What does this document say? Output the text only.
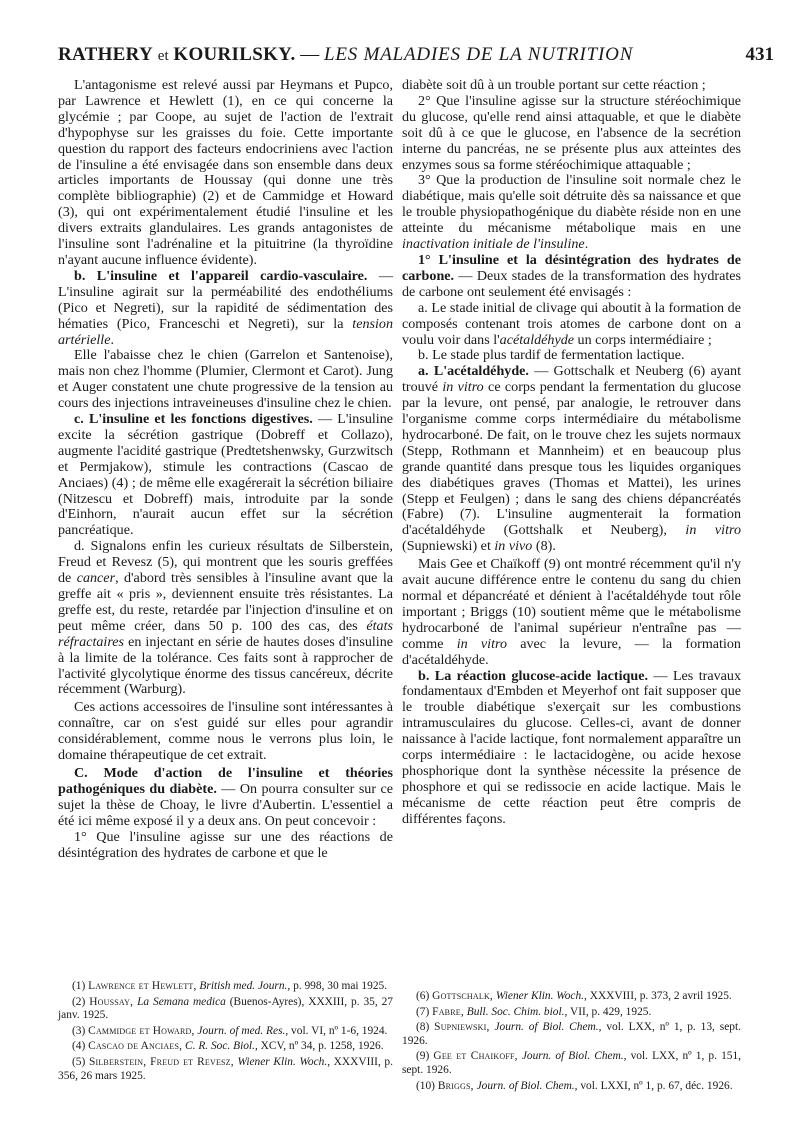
RATHERY et KOURILSKY. — LES MALADIES DE LA NUTRITION	431

L'antagonisme est relevé aussi par Heymans et Pupco, par Lawrence et Hewlett (1), en ce qui concerne la glycémie ; par Coope, au sujet de l'action de l'extrait d'hypophyse sur les graisses du foie. Cette importante question du rapport des facteurs endocriniens avec l'action de l'insuline a été envisagée dans son ensemble dans deux articles importants de Houssay (qui donne une très complète bibliographie) (2) et de Cammidge et Howard (3), qui ont expérimentalement étudié l'insuline et les divers extraits glandulaires. Les grands antagonistes de l'insuline sont l'adrénaline et la pituitrine (la thyroïdine n'ayant aucune influence évidente).

b. L'insuline et l'appareil cardio-vasculaire. — L'insuline agirait sur la perméabilité des endothéliums (Pico et Negreti), sur la rapidité de sédimentation des hématies (Pico, Franceschi et Negreti), sur la tension artérielle.

Elle l'abaisse chez le chien (Garrelon et Santenoise), mais non chez l'homme (Plumier, Clermont et Carot). Jung et Auger constatent une chute progressive de la tension au cours des injections intraveineuses d'insuline chez le chien.

c. L'insuline et les fonctions digestives. — L'insuline excite la sécrétion gastrique (Dobreff et Collazo), augmente l'acidité gastrique (Predtetshenwsky, Gurzwitsch et Permjakow), stimule les contractions (Cascao de Anciaes) (4) ; de même elle exagérerait la sécrétion biliaire (Nitzescu et Dobreff) mais, introduite par la sonde d'Einhorn, n'aurait aucun effet sur la sécrétion pancréatique.

d. Signalons enfin les curieux résultats de Silberstein, Freud et Revesz (5), qui montrent que les souris greffées de cancer, d'abord très sensibles à l'insuline avant que la greffe ait « pris », deviennent ensuite très résistantes. La greffe est, du reste, retardée par l'injection d'insuline et on peut même créer, dans 50 p. 100 des cas, des états réfractaires en injectant en série de hautes doses d'insuline à la limite de la tolérance. Ces faits sont à rapprocher de l'activité glycolytique énorme des tissus cancéreux, décrite récemment (Warburg).

Ces actions accessoires de l'insuline sont intéressantes à connaître, car on s'est guidé sur elles pour agrandir considérablement, comme nous le verrons plus loin, le domaine thérapeutique de cet extrait.

C. Mode d'action de l'insuline et théories pathogéniques du diabète. — On pourra consulter sur ce sujet la thèse de Choay, le livre d'Aubertin. L'essentiel a été ici même exposé il y a deux ans. On peut concevoir :

1° Que l'insuline agisse sur une des réactions de désintégration des hydrates de carbone et que le

diabète soit dû à un trouble portant sur cette réaction ;

2° Que l'insuline agisse sur la structure stéréochimique du glucose, qu'elle rend ainsi attaquable, et que le diabète soit dû à ce que le glucose, en l'absence de la secrétion interne du pancréas, ne se présente plus aux atteintes des enzymes sous sa forme stéréochimique attaquable ;

3° Que la production de l'insuline soit normale chez le diabétique, mais qu'elle soit détruite dès sa naissance et que le trouble physiopathogénique du diabète réside non en une atteinte du mécanisme métabolique mais en une inactivation initiale de l'insuline.

1° L'insuline et la désintégration des hydrates de carbone. — Deux stades de la transformation des hydrates de carbone ont seulement été envisagés :

a. Le stade initial de clivage qui aboutit à la formation de composés contenant trois atomes de carbone dont on a voulu voir dans l'acétaldéhyde un corps intermédiaire ;

b. Le stade plus tardif de fermentation lactique.

a. L'acétaldéhyde. — Gottschalk et Neuberg (6) ayant trouvé in vitro ce corps pendant la fermentation du glucose par la levure, ont pensé, par analogie, le retrouver dans l'organisme comme corps intermédiaire du métabolisme hydrocarboné. De fait, on le trouve chez les sujets normaux (Stepp, Rothmann et Mannheim) et en beaucoup plus grande quantité dans presque tous les liquides organiques des diabétiques graves (Thomas et Mattei), les urines (Stepp et Feulgen) ; dans le sang des chiens dépancréatés (Fabre) (7). L'insuline augmenterait la formation d'acétaldéhyde (Gottshalk et Neuberg), in vitro (Supniewski) et in vivo (8).

Mais Gee et Chaïkoff (9) ont montré récemment qu'il n'y avait aucune différence entre le contenu du sang du chien normal et dépancréaté et dénient à l'acétaldéhyde tout rôle important ; Briggs (10) soutient même que le métabolisme hydrocarboné de l'animal supérieur n'entraîne pas — comme in vitro avec la levure, — la formation d'acétaldéhyde.

b. La réaction glucose-acide lactique. — Les travaux fondamentaux d'Embden et Meyerhof ont fait supposer que le trouble diabétique s'exerçait sur les combustions intramusculaires du glucose. Celles-ci, avant de donner naissance à l'acide lactique, font normalement apparaître un corps intermédiaire : le lactacidogène, ou acide hexose phosphorique dont la synthèse nécessite la présence de phosphore et qui se redissocie en acide lactique. Mais le mécanisme de cette réaction peut être compris de différentes façons.

(1) Lawrence et Hewlett, British med. Journ., p. 998, 30 mai 1925.

(2) Houssay, La Semana medica (Buenos-Ayres), XXXIII, p. 35, 27 janv. 1925.

(3) Cammidge et Howard, Journ. of med. Res., vol. VI, nº 1-6, 1924.

(4) Cascao de Anciaes, C. R. Soc. Biol., XCV, nº 34, p. 1258, 1926.

(5) Silberstein, Freud et Revesz, Wiener Klin. Woch., XXXVIII, p. 356, 26 mars 1925.

(6) Gottschalk, Wiener Klin. Woch., XXXVIII, p. 373, 2 avril 1925.

(7) Fabre, Bull. Soc. Chim. biol., VII, p. 429, 1925.

(8) Supniewski, Journ. of Biol. Chem., vol. LXX, nº 1, p. 13, sept. 1926.

(9) Gee et Chaikoff, Journ. of Biol. Chem., vol. LXX, nº 1, p. 151, sept. 1926.

(10) Briggs, Journ. of Biol. Chem., vol. LXXI, nº 1, p. 67, déc. 1926.
